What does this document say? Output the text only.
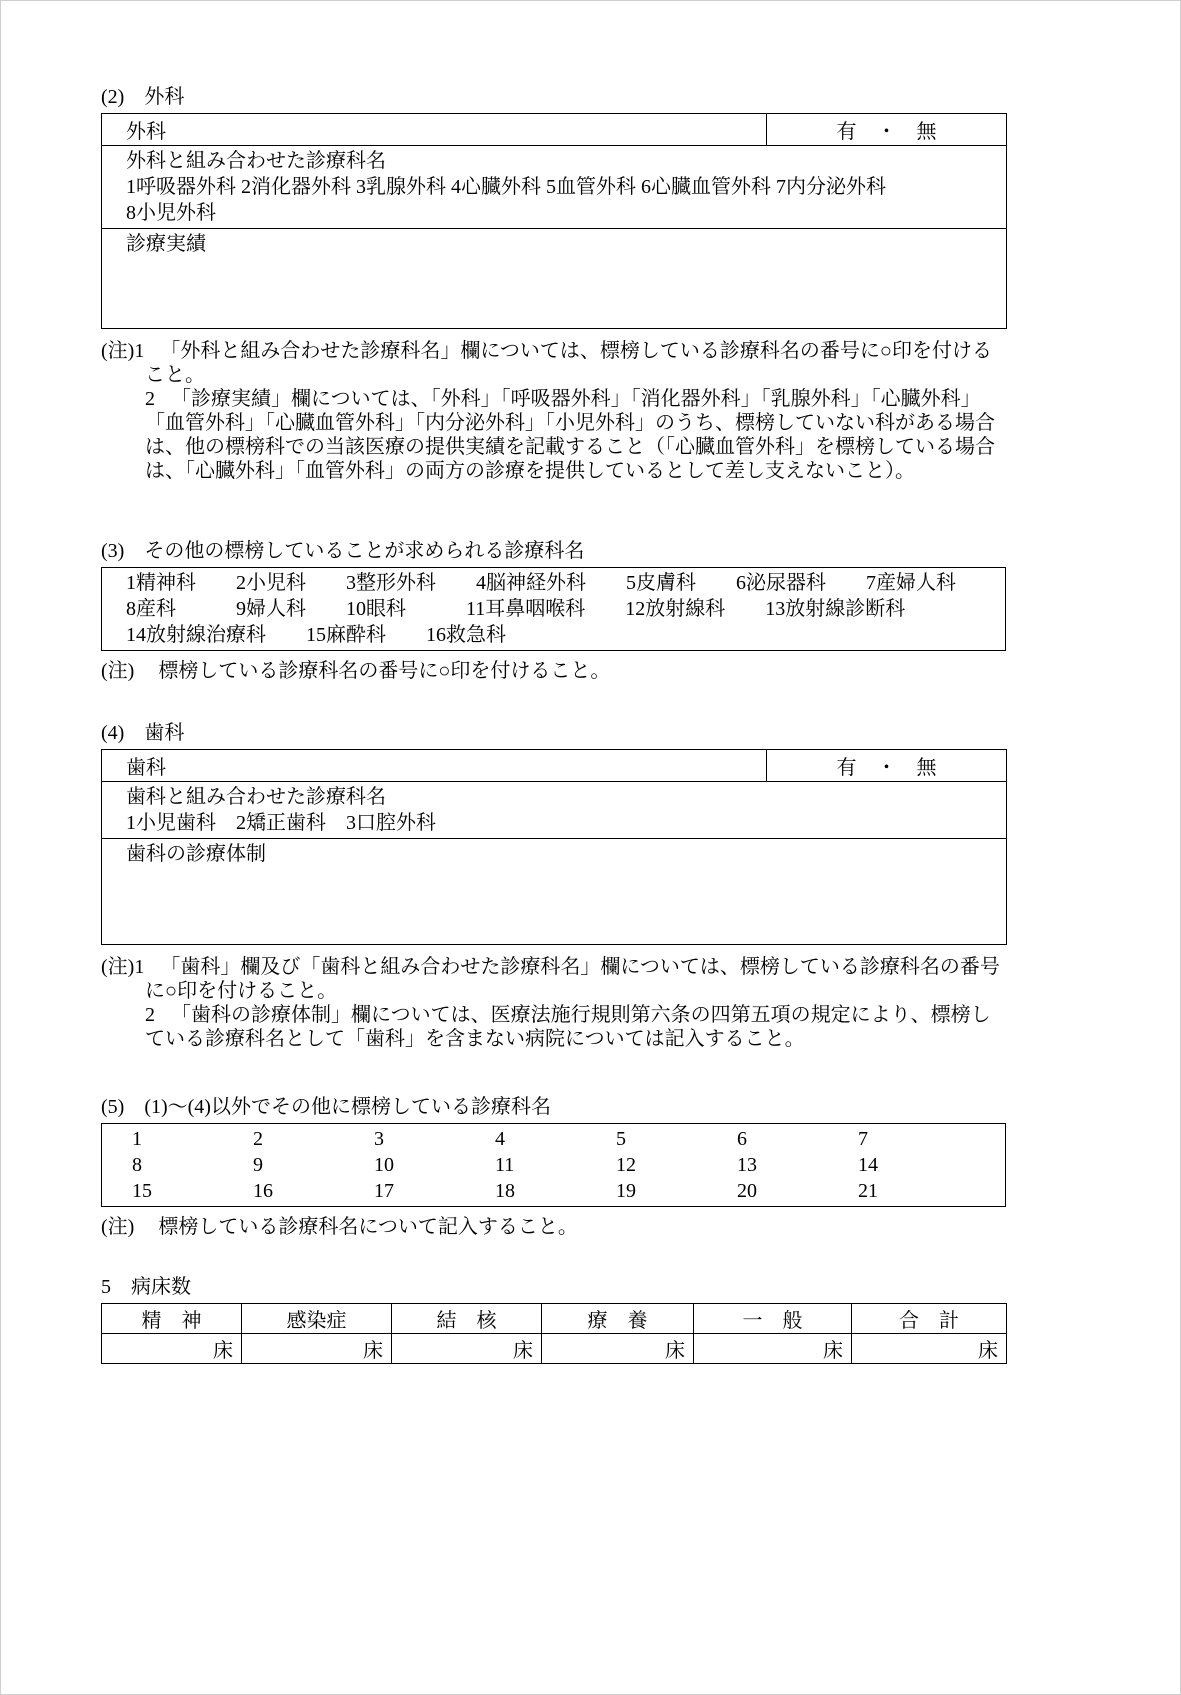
(2)　外科
外科	有　・　無

外科と組み合わせた診療科名
1呼吸器外科 2消化器外科 3乳腺外科 4心臓外科 5血管外科 6心臓血管外科 7内分泌外科
8小児外科

診療実績
(注)1 「外科と組み合わせた診療科名」欄については、標榜している診療科名の番号に○印を付けること。
2 「診療実績」欄については、「外科」「呼吸器外科」「消化器外科」「乳腺外科」「心臓外科」「血管外科」「心臓血管外科」「内分泌外科」「小児外科」のうち、標榜していない科がある場合は、他の標榜科での当該医療の提供実績を記載すること（「心臓血管外科」を標榜している場合は、「心臓外科」「血管外科」の両方の診療を提供しているとして差し支えないこと）。
(3)　その他の標榜していることが求められる診療科名
1精神科　　2小児科　　3整形外科　　4脳神経外科　　5皮膚科　　6泌尿器科　　7産婦人科
8産科　　　9婦人科　　10眼科　　　11耳鼻咽喉科　　12放射線科　　13放射線診断科
14放射線治療科　　15麻酔科　　16救急科
(注) 標榜している診療科名の番号に○印を付けること。
(4)　歯科
歯科	有　・　無

歯科と組み合わせた診療科名
1小児歯科　2矯正歯科　3口腔外科

歯科の診療体制
(注)1 「歯科」欄及び「歯科と組み合わせた診療科名」欄については、標榜している診療科名の番号に○印を付けること。
2 「歯科の診療体制」欄については、医療法施行規則第六条の四第五項の規定により、標榜している診療科名として「歯科」を含まない病院については記入すること。
(5)　(1)～(4)以外でその他に標榜している診療科名
1	2	3	4	5	6	7
8	9	10	11	12	13	14
15	16	17	18	19	20	21
(注) 標榜している診療科名について記入すること。
5　病床数
精　神	感染症	結　核	療　養	一　般	合　計
床	床	床	床	床	床
